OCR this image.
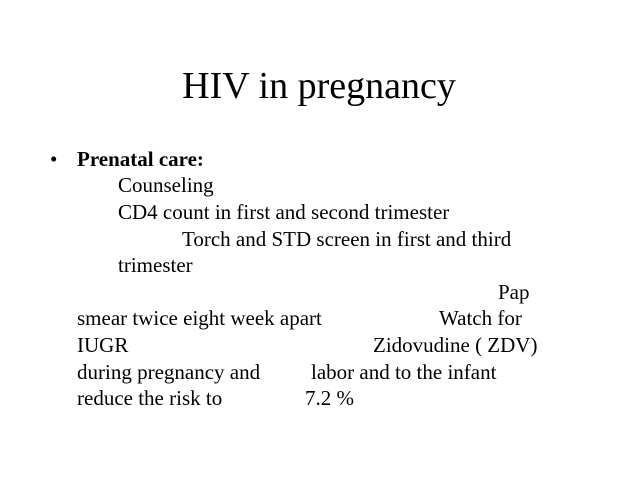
HIV in pregnancy
• Prenatal care:
Counseling
CD4 count in first and second trimester
Torch and STD screen in first and third
trimester
Pap
smear twice eight week apart	Watch for
IUGR	Zidovudine ( ZDV)
during pregnancy and labor and to the infant
reduce the risk to	7.2 %
